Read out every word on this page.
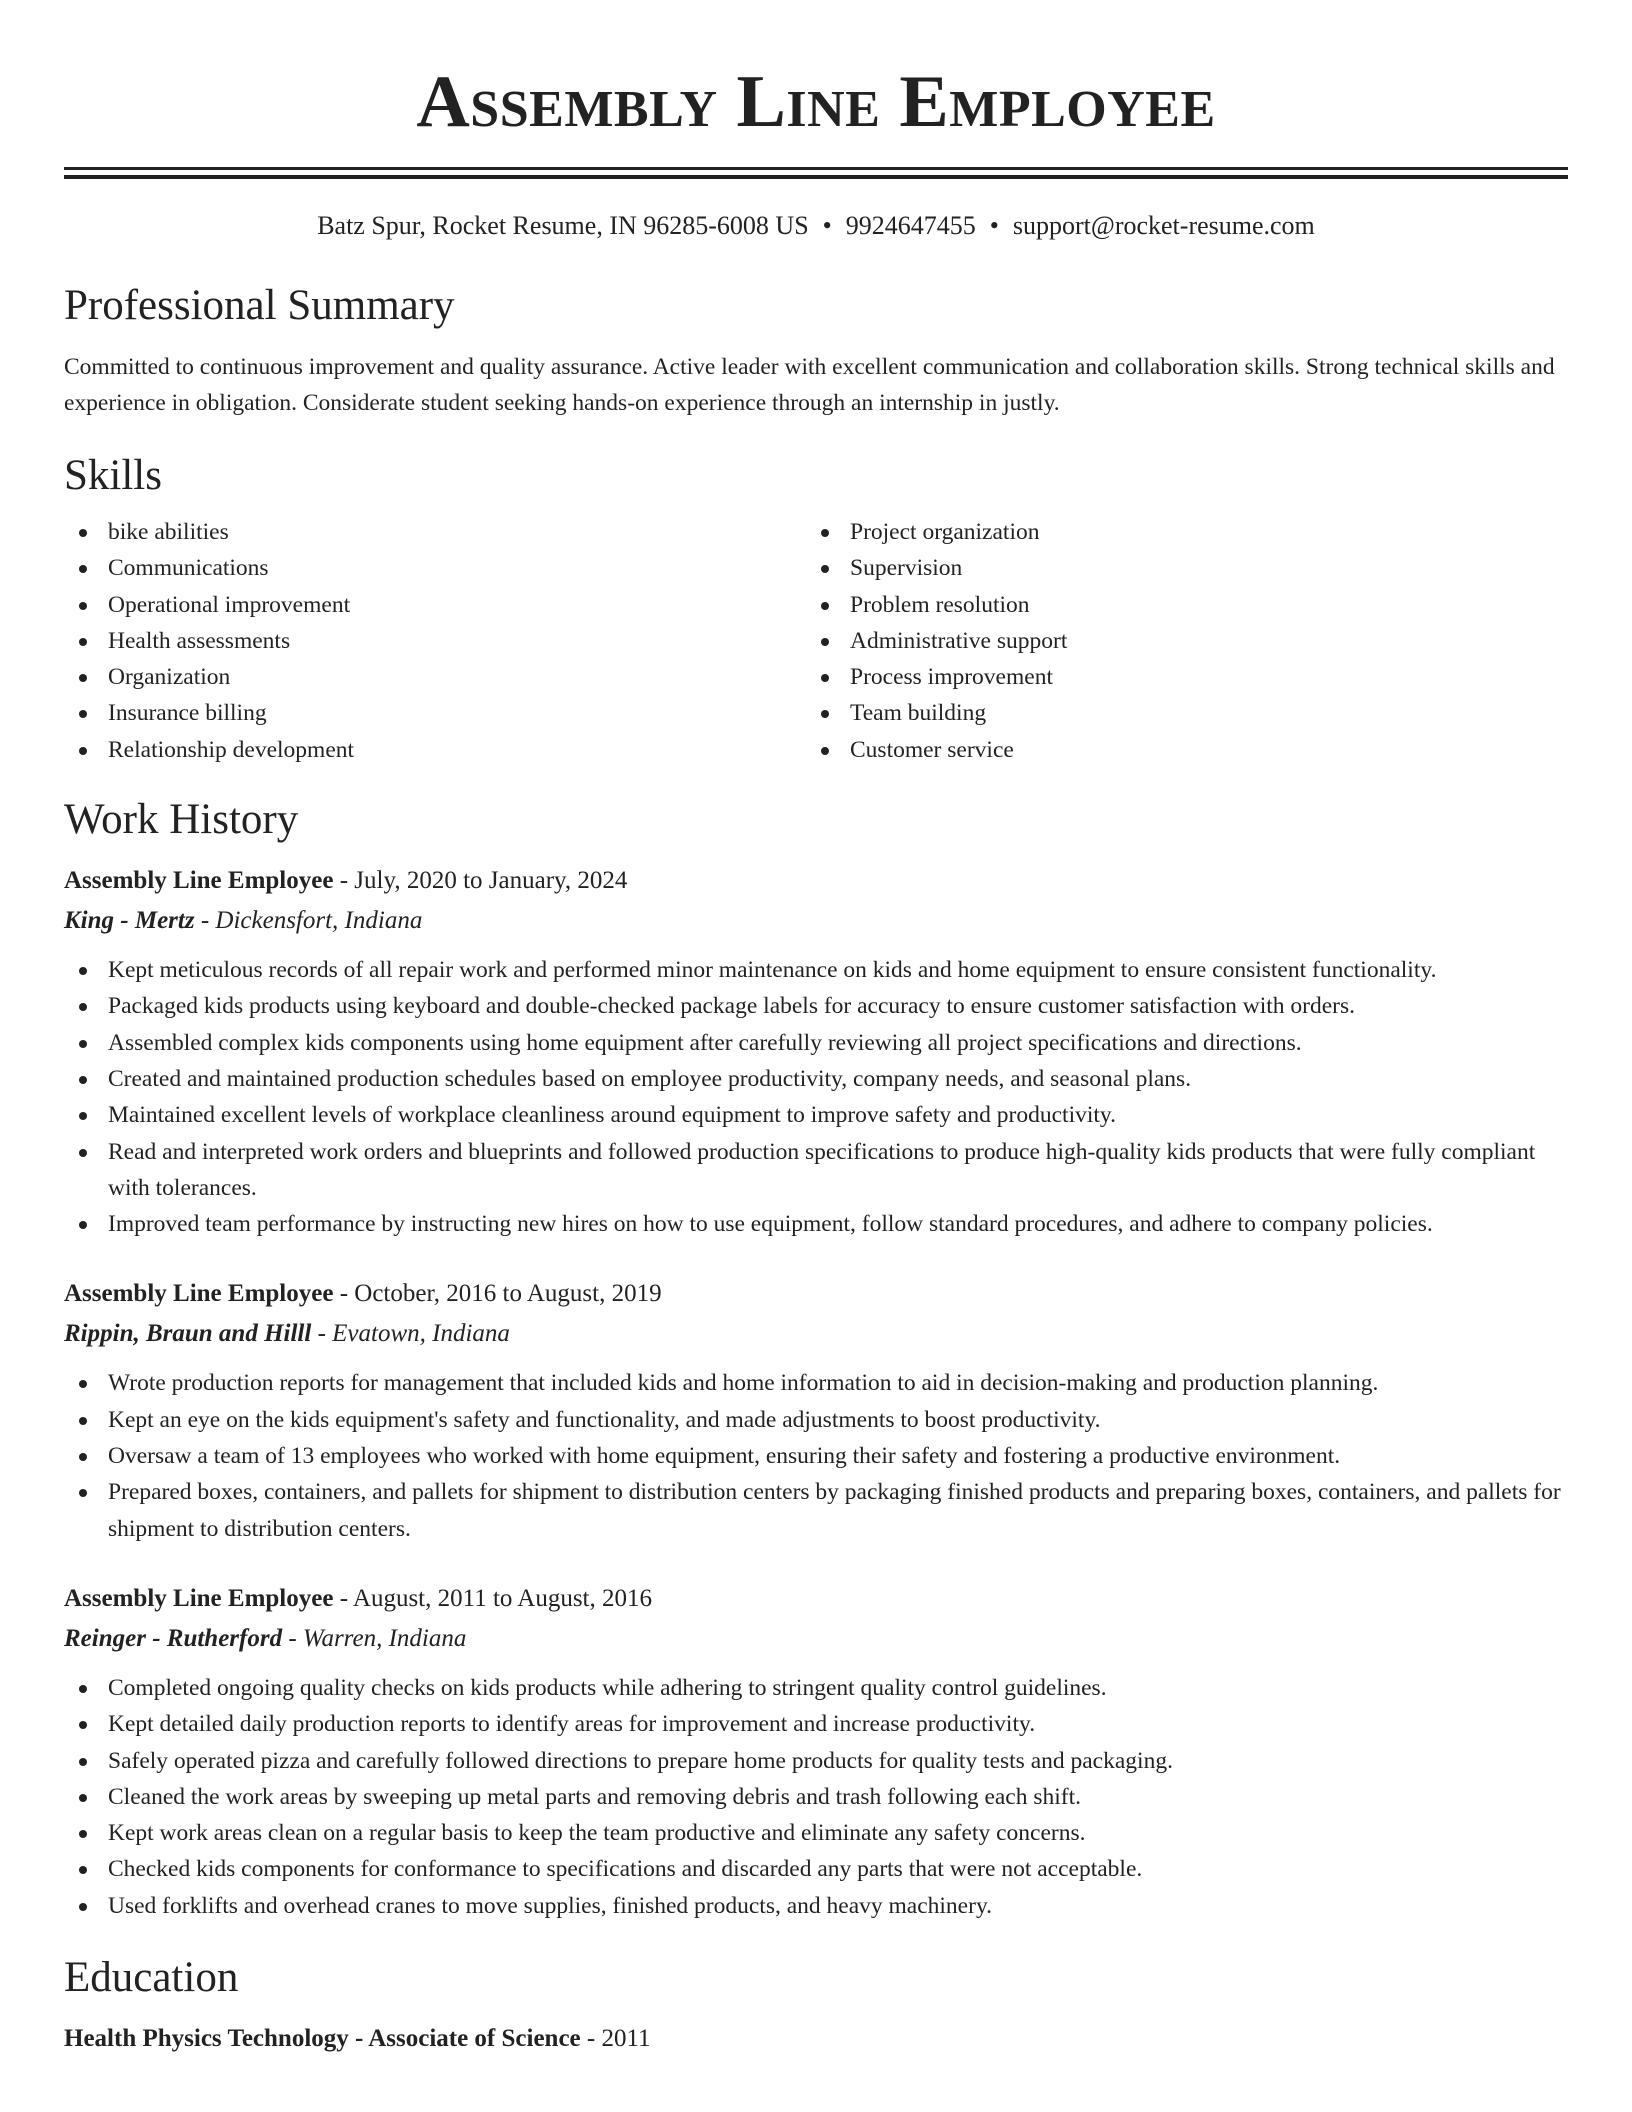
Assembly Line Employee
Batz Spur, Rocket Resume, IN 96285-6008 US • 9924647455 • support@rocket-resume.com
Professional Summary

Committed to continuous improvement and quality assurance. Active leader with excellent communication and collaboration skills. Strong technical skills and experience in obligation. Considerate student seeking hands-on experience through an internship in justly.

Skills
bike abilities
Communications
Operational improvement
Health assessments
Organization
Insurance billing
Relationship development
Project organization
Supervision
Problem resolution
Administrative support
Process improvement
Team building
Customer service
Work History
Assembly Line Employee - July, 2020 to January, 2024
King - Mertz - Dickensfort, Indiana
Kept meticulous records of all repair work and performed minor maintenance on kids and home equipment to ensure consistent functionality.
Packaged kids products using keyboard and double-checked package labels for accuracy to ensure customer satisfaction with orders.
Assembled complex kids components using home equipment after carefully reviewing all project specifications and directions.
Created and maintained production schedules based on employee productivity, company needs, and seasonal plans.
Maintained excellent levels of workplace cleanliness around equipment to improve safety and productivity.
Read and interpreted work orders and blueprints and followed production specifications to produce high-quality kids products that were fully compliant with tolerances.
Improved team performance by instructing new hires on how to use equipment, follow standard procedures, and adhere to company policies.
Assembly Line Employee - October, 2016 to August, 2019
Rippin, Braun and Hilll - Evatown, Indiana
Wrote production reports for management that included kids and home information to aid in decision-making and production planning.
Kept an eye on the kids equipment's safety and functionality, and made adjustments to boost productivity.
Oversaw a team of 13 employees who worked with home equipment, ensuring their safety and fostering a productive environment.
Prepared boxes, containers, and pallets for shipment to distribution centers by packaging finished products and preparing boxes, containers, and pallets for shipment to distribution centers.
Assembly Line Employee - August, 2011 to August, 2016
Reinger - Rutherford - Warren, Indiana
Completed ongoing quality checks on kids products while adhering to stringent quality control guidelines.
Kept detailed daily production reports to identify areas for improvement and increase productivity.
Safely operated pizza and carefully followed directions to prepare home products for quality tests and packaging.
Cleaned the work areas by sweeping up metal parts and removing debris and trash following each shift.
Kept work areas clean on a regular basis to keep the team productive and eliminate any safety concerns.
Checked kids components for conformance to specifications and discarded any parts that were not acceptable.
Used forklifts and overhead cranes to move supplies, finished products, and heavy machinery.
Education
Health Physics Technology - Associate of Science - 2011
